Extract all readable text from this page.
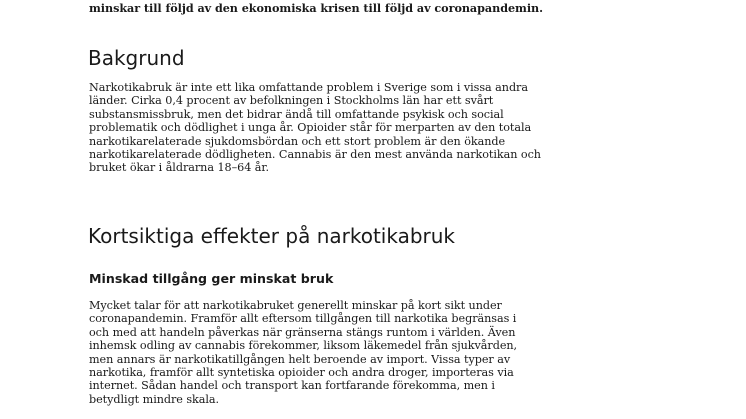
minskar till följd av den ekonomiska krisen till följd av coronapandemin.

Bakgrund
Narkotikabruk är inte ett lika omfattande problem i Sverige som i vissa andra
länder. Cirka 0,4 procent av befolkningen i Stockholms län har ett svårt
substansmissbruk, men det bidrar ändå till omfattande psykisk och social
problematik och dödlighet i unga år. Opioider står för merparten av den totala
narkotikarelaterade sjukdomsbördan och ett stort problem är den ökande
narkotikarelaterade dödligheten. Cannabis är den mest använda narkotikan och
bruket ökar i åldrarna 18–64 år.
Kortsiktiga effekter på narkotikabruk
Minskad tillgång ger minskat bruk
Mycket talar för att narkotikabruket generellt minskar på kort sikt under
coronapandemin. Framför allt eftersom tillgången till narkotika begränsas i
och med att handeln påverkas när gränserna stängs runtom i världen. Även
inhemsk odling av cannabis förekommer, liksom läkemedel från sjukvården,
men annars är narkotikatillgången helt beroende av import. Vissa typer av
narkotika, framför allt syntetiska opioider och andra droger, importeras via
internet. Sådan handel och transport kan fortfarande förekomma, men i
betydligt mindre skala.
